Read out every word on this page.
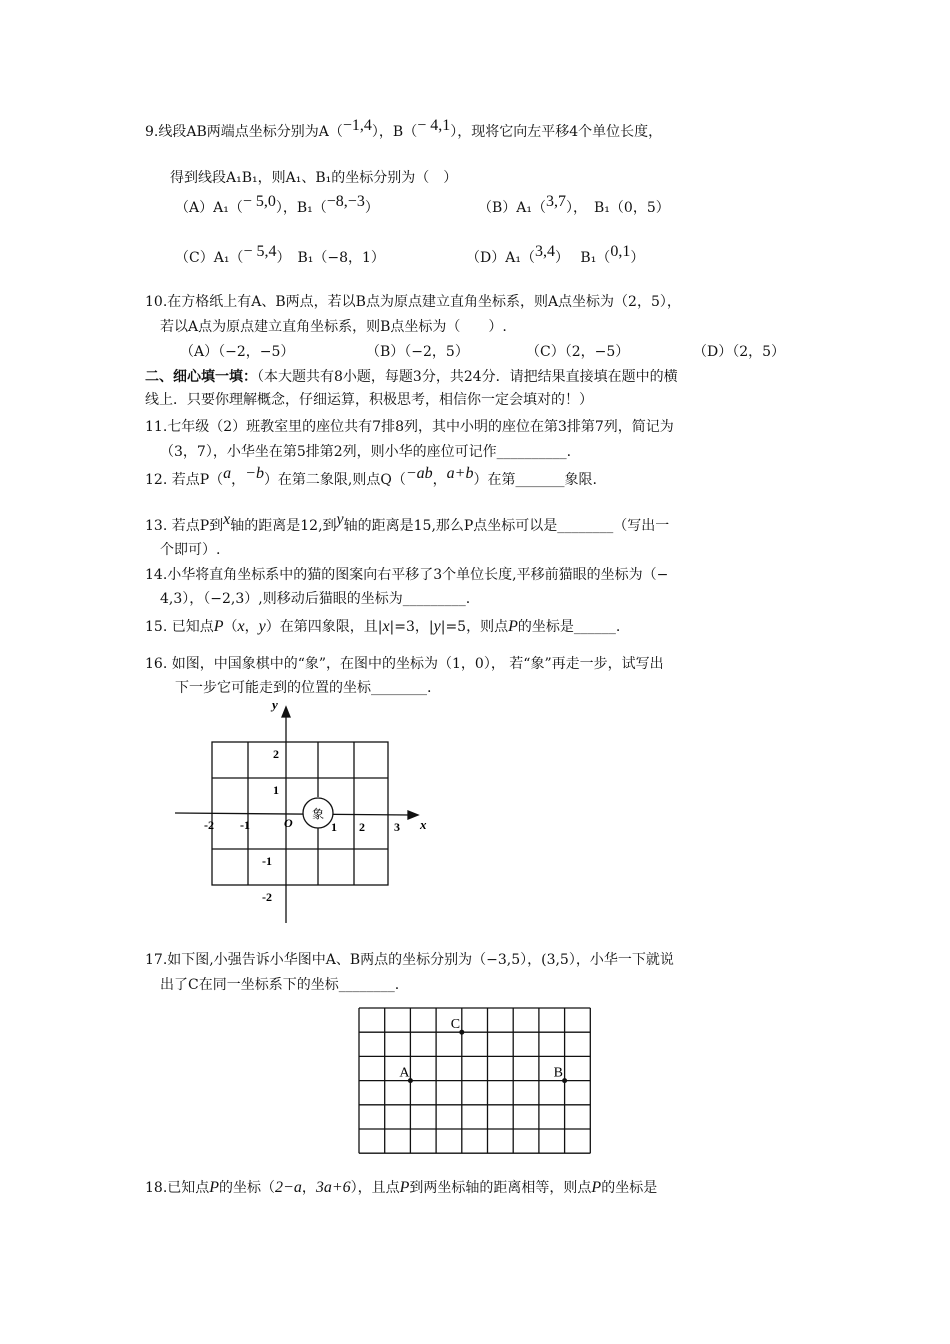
9.线段AB两端点坐标分别为A（−1,4），B（− 4,1），现将它向左平移4个单位长度，
得到线段A₁B₁，则A₁、B₁的坐标分别为（　）
（A）A₁（− 5,0），B₁（−8,−3）	（B）A₁（3,7），　B₁（0，5）
（C）A₁（− 5,4）　B₁（−8，1）	（D）A₁（3,4）　 B₁（0,1）
10.在方格纸上有A、B两点，若以B点为原点建立直角坐标系，则A点坐标为（2，5），
若以A点为原点建立直角坐标系，则B点坐标为（　　）.
（A）（−2，−5）	（B）（−2，5）	（C）（2，−5）	（D）（2，5）
二、细心填一填：（本大题共有8小题，每题3分，共24分．请把结果直接填在题中的横
线上．只要你理解概念，仔细运算，积极思考，相信你一定会填对的！）
11.七年级（2）班教室里的座位共有7排8列，其中小明的座位在第3排第7列，简记为
（3，7），小华坐在第5排第2列，则小华的座位可记作__________.
12. 若点P（a，−b）在第二象限,则点Q（−ab，a+b）在第_______象限.
13. 若点P到x轴的距离是12,到y轴的距离是15,那么P点坐标可以是________（写出一
个即可）.
14.小华将直角坐标系中的猫的图案向右平移了3个单位长度,平移前猫眼的坐标为（−
4,3），（−2,3）,则移动后猫眼的坐标为_________.
15. 已知点P（x，y）在第四象限，且|x|=3，|y|=5，则点P的坐标是______.
16. 如图，中国象棋中的“象”，在图中的坐标为（1，0）， 若“象”再走一步，试写出
下一步它可能走到的位置的坐标________.
象
y
x
O
-2 -1	1 2 3
2
1
-1
-2
17.如下图,小强告诉小华图中A、B两点的坐标分别为（−3,5），(3,5），小华一下就说
出了C在同一坐标系下的坐标________.
C
A	B
18.已知点P的坐标（2−a，3a+6），且点P到两坐标轴的距离相等，则点P的坐标是
